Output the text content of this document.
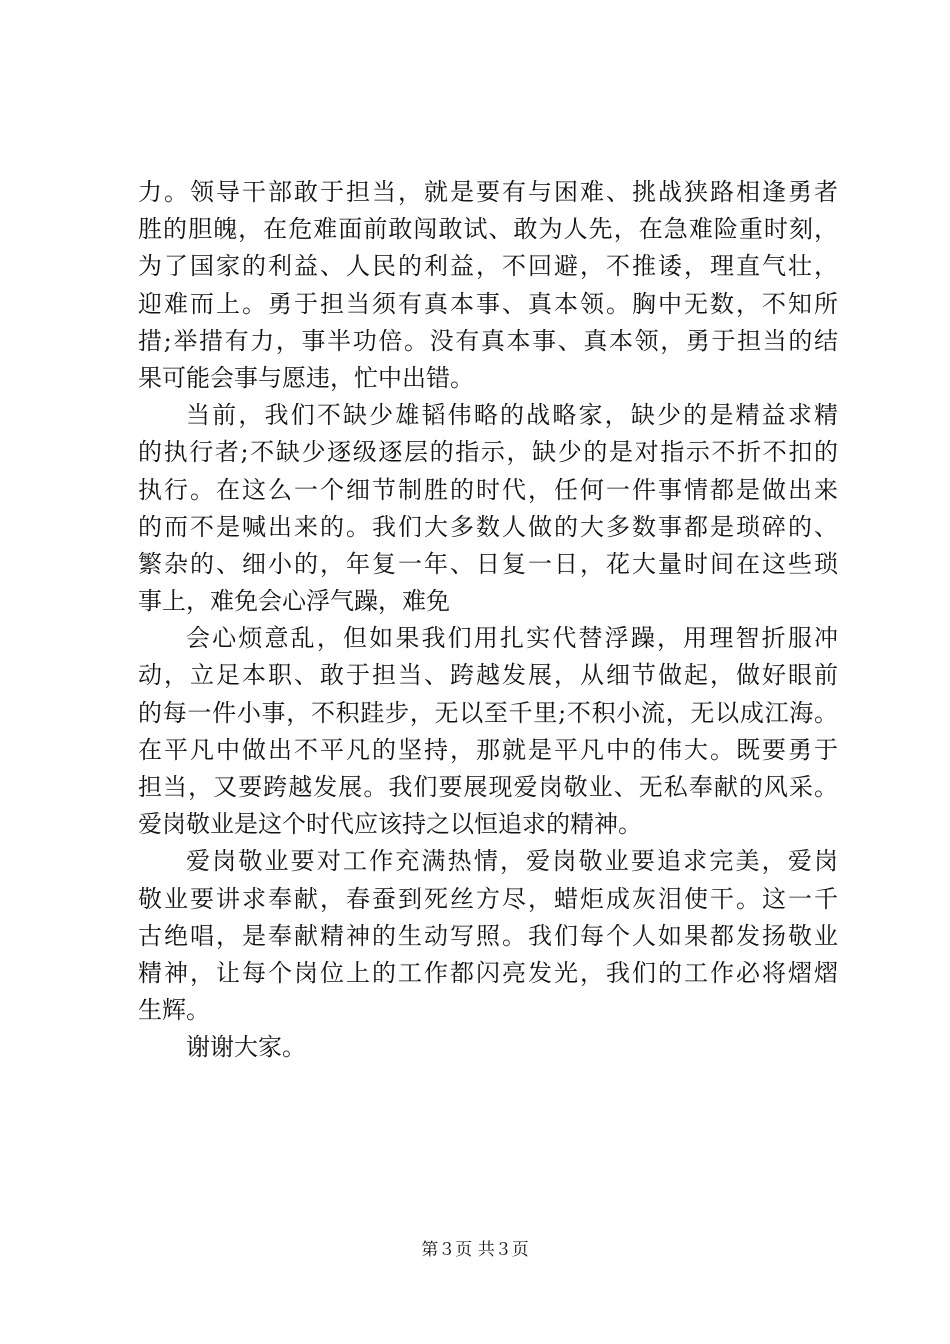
力。领导干部敢于担当，就是要有与困难、挑战狭路相逢勇者
胜的胆魄，在危难面前敢闯敢试、敢为人先，在急难险重时刻，
为了国家的利益、人民的利益，不回避，不推诿，理直气壮，
迎难而上。勇于担当须有真本事、真本领。胸中无数，不知所
措;举措有力，事半功倍。没有真本事、真本领，勇于担当的结
果可能会事与愿违，忙中出错。

当前，我们不缺少雄韬伟略的战略家，缺少的是精益求精
的执行者;不缺少逐级逐层的指示，缺少的是对指示不折不扣的
执行。在这么一个细节制胜的时代，任何一件事情都是做出来
的而不是喊出来的。我们大多数人做的大多数事都是琐碎的、
繁杂的、细小的，年复一年、日复一日，花大量时间在这些琐
事上，难免会心浮气躁，难免

会心烦意乱，但如果我们用扎实代替浮躁，用理智折服冲
动，立足本职、敢于担当、跨越发展，从细节做起，做好眼前
的每一件小事，不积跬步，无以至千里;不积小流，无以成江海。
在平凡中做出不平凡的坚持，那就是平凡中的伟大。既要勇于
担当，又要跨越发展。我们要展现爱岗敬业、无私奉献的风采。
爱岗敬业是这个时代应该持之以恒追求的精神。

爱岗敬业要对工作充满热情，爱岗敬业要追求完美，爱岗
敬业要讲求奉献，春蚕到死丝方尽，蜡炬成灰泪使干。这一千
古绝唱，是奉献精神的生动写照。我们每个人如果都发扬敬业
精神，让每个岗位上的工作都闪亮发光，我们的工作必将熠熠
生辉。

谢谢大家。

第３页 共３页
